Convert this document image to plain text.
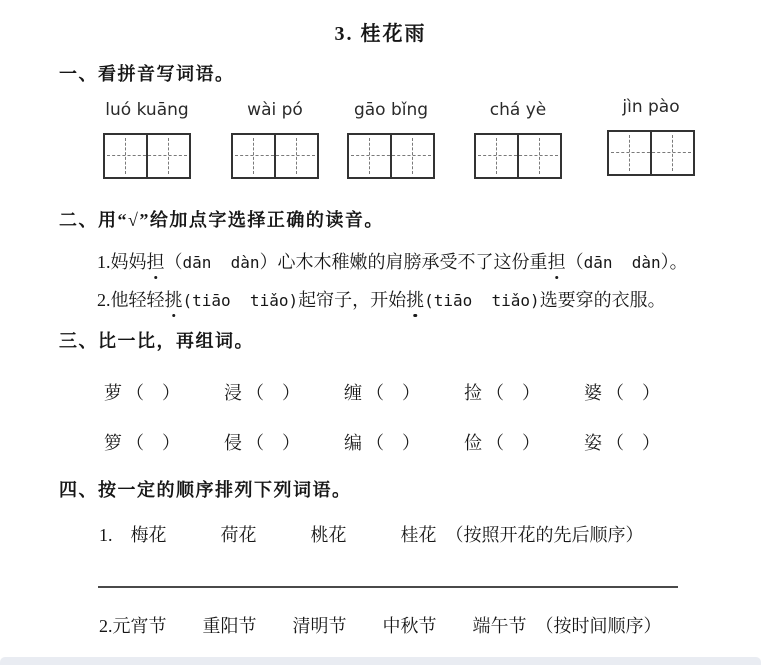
3. 桂花雨
一、看拼音写词语。
luó kuāng	wài pó	gāo bǐng	chá yè	jìn pào
二、用“√”给加点字选择正确的读音。

1.妈妈担（dān  dàn）心木木稚嫩的肩膀承受不了这份重担（dān  dàn）。

2.他轻轻挑(tiāo  tiǎo)起帘子，开始挑(tiāo  tiǎo)选要穿的衣服。

三、比一比，再组词。
萝 （　） 浸 （　） 缠 （　） 捡 （　） 婆 （　）
箩 （　） 侵 （　） 编 （　） 俭 （　） 姿 （　）
四、按一定的顺序排列下列词语。

1.　梅花　　　荷花　　　桃花　　　桂花　（按照开花的先后顺序）

2.元宵节　　重阳节　　清明节　　中秋节　　端午节　（按时间顺序）
